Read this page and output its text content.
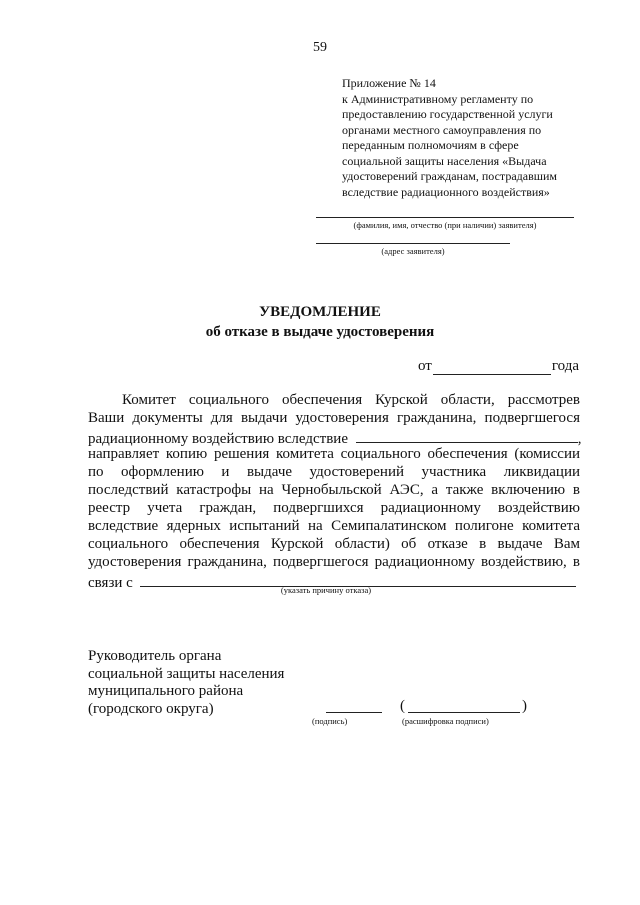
59
Приложение № 14
к Административному регламенту по
предоставлению государственной услуги
органами местного самоуправления по
переданным полномочиям в сфере
социальной защиты населения «Выдача
удостоверений гражданам, пострадавшим
вследствие радиационного воздействия»
(фамилия, имя, отчество (при наличии) заявителя)
(адрес заявителя)
УВЕДОМЛЕНИЕ
об отказе в выдаче удостоверения
от	года
Комитет социального обеспечения Курской области, рассмотрев
Ваши документы для выдачи удостоверения гражданина, подвергшегося
радиационному воздействию вследствие	,
направляет копию решения комитета социального обеспечения (комиссии
по оформлению и выдаче удостоверений участника ликвидации
последствий катастрофы на Чернобыльской АЭС, а также включению в
реестр учета граждан, подвергшихся радиационному воздействию
вследствие ядерных испытаний на Семипалатинском полигоне комитета
социального обеспечения Курской области) об отказе в выдаче Вам
удостоверения гражданина, подвергшегося радиационному воздействию, в
связи с	(указать причину отказа)
Руководитель органа
социальной защиты населения
муниципального района
(городского округа)
(подпись)
(	)
(расшифровка подписи)
